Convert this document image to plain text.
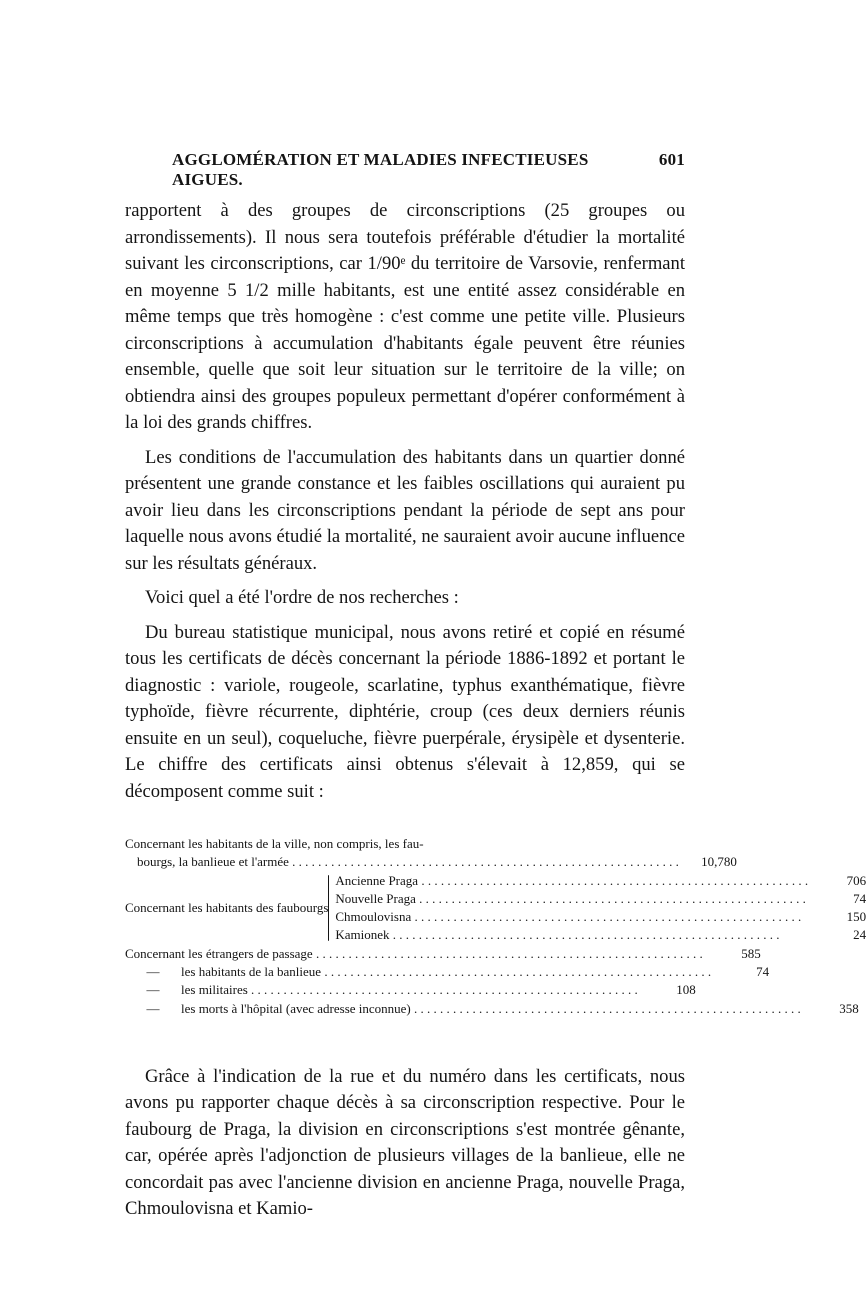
AGGLOMÉRATION ET MALADIES INFECTIEUSES AIGUES.
601

rapportent à des groupes de circonscriptions (25 groupes ou arrondissements). Il nous sera toutefois préférable d'étudier la mortalité suivant les circonscriptions, car 1/90ᵉ du territoire de Varsovie, renfermant en moyenne 5 1/2 mille habitants, est une entité assez considérable en même temps que très homogène : c'est comme une petite ville. Plusieurs circonscriptions à accumulation d'habitants égale peuvent être réunies ensemble, quelle que soit leur situation sur le territoire de la ville; on obtiendra ainsi des groupes populeux permettant d'opérer conformément à la loi des grands chiffres.

Les conditions de l'accumulation des habitants dans un quartier donné présentent une grande constance et les faibles oscillations qui auraient pu avoir lieu dans les circonscriptions pendant la période de sept ans pour laquelle nous avons étudié la mortalité, ne sauraient avoir aucune influence sur les résultats généraux.

Voici quel a été l'ordre de nos recherches :

Du bureau statistique municipal, nous avons retiré et copié en résumé tous les certificats de décès concernant la période 1886-1892 et portant le diagnostic : variole, rougeole, scarlatine, typhus exanthématique, fièvre typhoïde, fièvre récurrente, diphtérie, croup (ces deux derniers réunis ensuite en un seul), coqueluche, fièvre puerpérale, érysipèle et dysenterie. Le chiffre des certificats ainsi obtenus s'élevait à 12,859, qui se décomposent comme suit :

Concernant les habitants de la ville, non compris, les fau-
bourgs, la banlieue et l'armée . . .	10,780
Concernant les habitants des faubourgs
Ancienne Praga . . .	706
Nouvelle Praga . . .	74
Chmoulovisna . . .	150
Kamionek . . .	24
Concernant les étrangers de passage . . .	585
— les habitants de la banlieue . . .	74
— les militaires . . .	108
— les morts à l'hôpital (avec adresse inconnue) . . .	358

Grâce à l'indication de la rue et du numéro dans les certificats, nous avons pu rapporter chaque décès à sa circonscription respective. Pour le faubourg de Praga, la division en circonscriptions s'est montrée gênante, car, opérée après l'adjonction de plusieurs villages de la banlieue, elle ne concordait pas avec l'ancienne division en ancienne Praga, nouvelle Praga, Chmoulovisna et Kamio-
